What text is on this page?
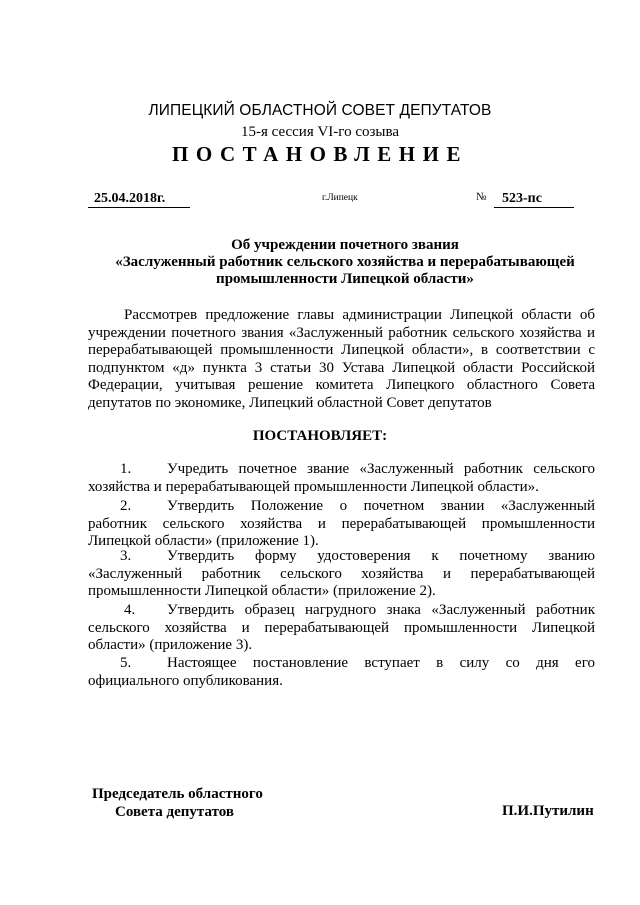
ЛИПЕЦКИЙ ОБЛАСТНОЙ СОВЕТ ДЕПУТАТОВ
15-я сессия VI-го созыва
ПОСТАНОВЛЕНИЕ
25.04.2018г.	г.Липецк	№	523-пс
Об учреждении почетного звания
«Заслуженный работник сельского хозяйства и перерабатывающей
промышленности Липецкой области»
Рассмотрев предложение главы администрации Липецкой области об
учреждении почетного звания «Заслуженный работник сельского хозяйства и
перерабатывающей промышленности Липецкой области», в соответствии с
подпунктом «д» пункта 3 статьи 30 Устава Липецкой области Российской
Федерации, учитывая решение комитета Липецкого областного Совета
депутатов по экономике, Липецкий областной Совет депутатов
ПОСТАНОВЛЯЕТ:
1. Учредить почетное звание «Заслуженный работник сельского
хозяйства и перерабатывающей промышленности Липецкой области».
2. Утвердить Положение о почетном звании «Заслуженный
работник сельского хозяйства и перерабатывающей промышленности
Липецкой области» (приложение 1).
3. Утвердить форму удостоверения к почетному званию
«Заслуженный работник сельского хозяйства и перерабатывающей
промышленности Липецкой области» (приложение 2).
4. Утвердить образец нагрудного знака «Заслуженный работник
сельского хозяйства и перерабатывающей промышленности Липецкой
области» (приложение 3).
5. Настоящее постановление вступает в силу со дня его
официального опубликования.
Председатель областного
Совета депутатов	П.И.Путилин
